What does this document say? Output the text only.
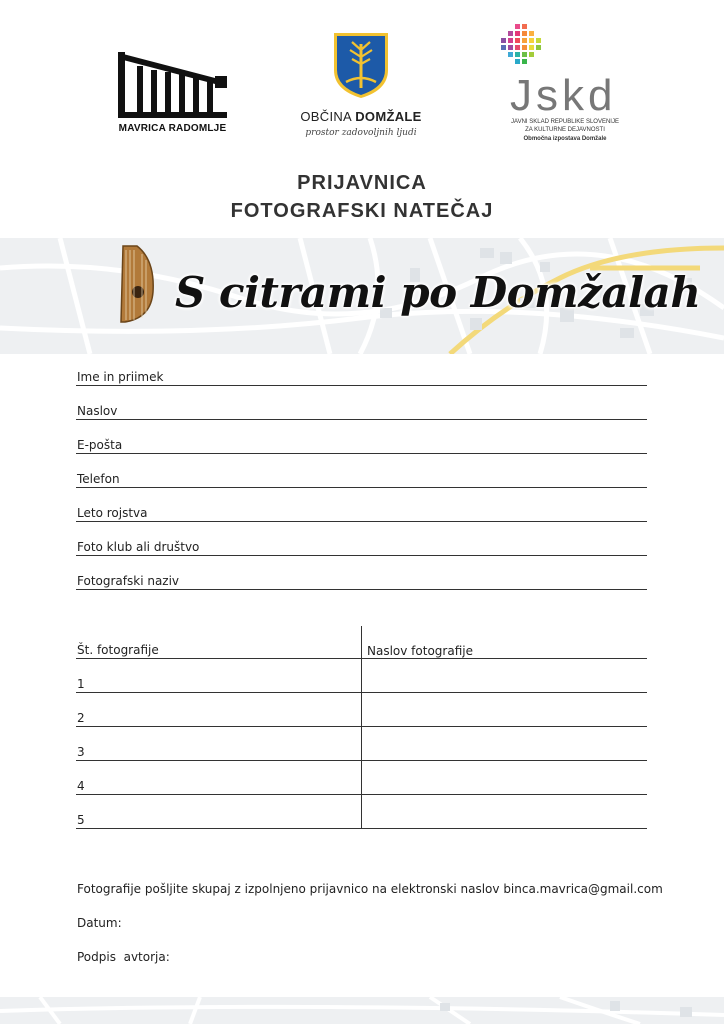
MAVRICA RADOMLJE
OBČINA DOMŽALE
prostor zadovoljnih ljudi
Jskd
JAVNI SKLAD REPUBLIKE SLOVENIJE
ZA KULTURNE DEJAVNOSTI
Območna izpostava Domžale
PRIJAVNICA
FOTOGRAFSKI NATEČAJ
S citrami po Domžalah
Ime in priimek
Naslov
E-pošta
Telefon
Leto rojstva
Foto klub ali društvo
Fotografski naziv
Št. fotografije	Naslov fotografije
1
2
3
4
5
Fotografije pošljite skupaj z izpolnjeno prijavnico na elektronski naslov binca.mavrica@gmail.com
Datum:
Podpis  avtorja:
